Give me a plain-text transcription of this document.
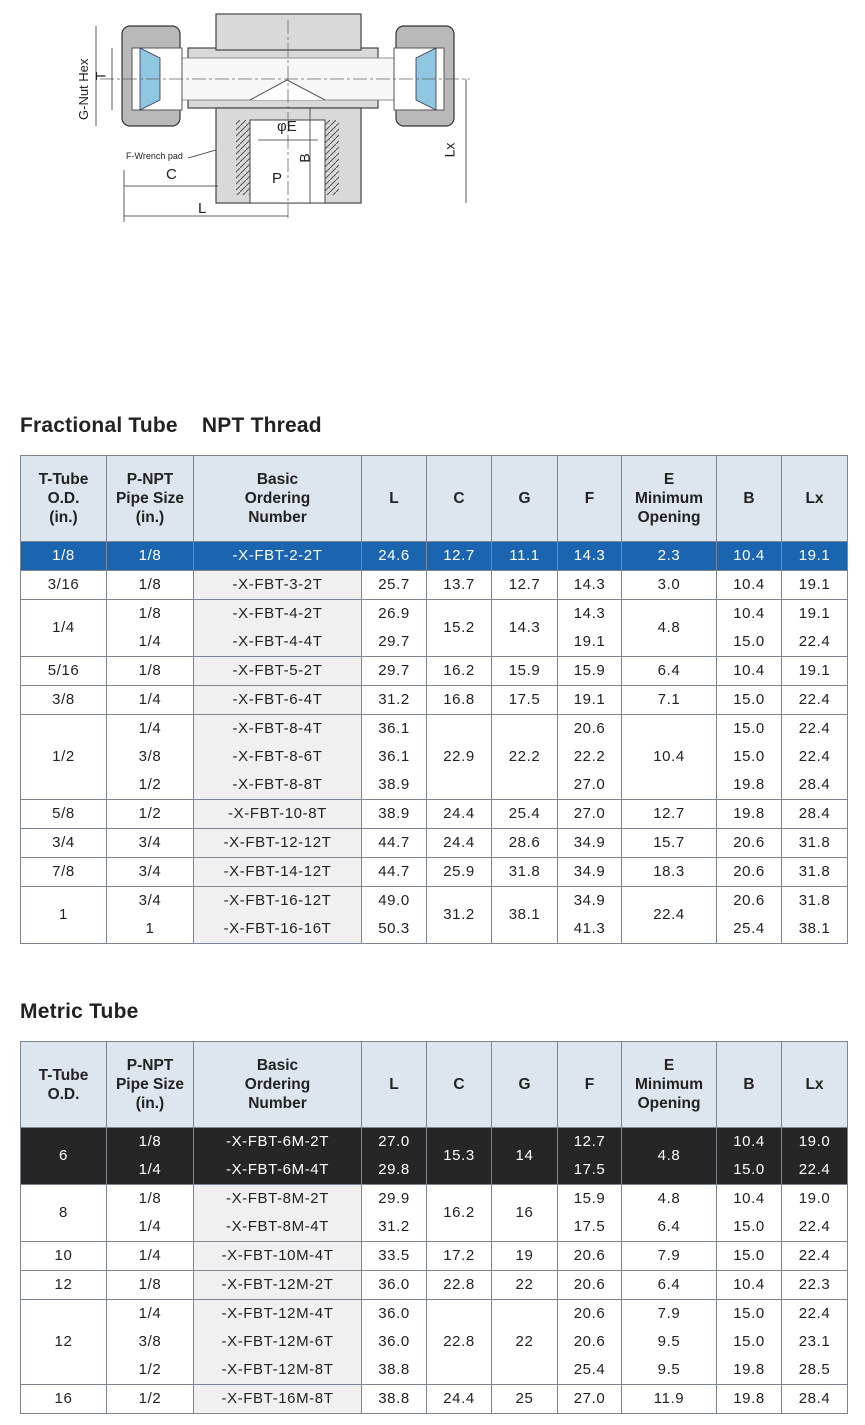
G-Nut Hex T
φE
B
Lx
C	P
L
F-Wrench pad
Fractional Tube    NPT Thread
T-Tube
O.D.
(in.)	P-NPT
Pipe Size
(in.)	Basic
Ordering
Number	L	C	G	F	E
Minimum
Opening	B	Lx
1/8	1/8	-X-FBT-2-2T	24.6	12.7	11.1	14.3	2.3	10.4	19.1
3/16	1/8	-X-FBT-3-2T	25.7	13.7	12.7	14.3	3.0	10.4	19.1
1/4	1/8	-X-FBT-4-2T	26.9	15.2	14.3	14.3	4.8	10.4	19.1
	1/4	-X-FBT-4-4T	29.7			19.1		15.0	22.4
5/16	1/8	-X-FBT-5-2T	29.7	16.2	15.9	15.9	6.4	10.4	19.1
3/8	1/4	-X-FBT-6-4T	31.2	16.8	17.5	19.1	7.1	15.0	22.4
1/2	1/4	-X-FBT-8-4T	36.1	22.9	22.2	20.6	10.4	15.0	22.4
	3/8	-X-FBT-8-6T	36.1			22.2		15.0	22.4
	1/2	-X-FBT-8-8T	38.9			27.0		19.8	28.4
5/8	1/2	-X-FBT-10-8T	38.9	24.4	25.4	27.0	12.7	19.8	28.4
3/4	3/4	-X-FBT-12-12T	44.7	24.4	28.6	34.9	15.7	20.6	31.8
7/8	3/4	-X-FBT-14-12T	44.7	25.9	31.8	34.9	18.3	20.6	31.8
1	3/4	-X-FBT-16-12T	49.0	31.2	38.1	34.9	22.4	20.6	31.8
	1	-X-FBT-16-16T	50.3			41.3		25.4	38.1
Metric Tube
T-Tube
O.D.	P-NPT
Pipe Size
(in.)	Basic
Ordering
Number	L	C	G	F	E
Minimum
Opening	B	Lx
6	1/8	-X-FBT-6M-2T	27.0	15.3	14	12.7	4.8	10.4	19.0
	1/4	-X-FBT-6M-4T	29.8			17.5		15.0	22.4
8	1/8	-X-FBT-8M-2T	29.9	16.2	16	15.9	4.8	10.4	19.0
	1/4	-X-FBT-8M-4T	31.2			17.5	6.4	15.0	22.4
10	1/4	-X-FBT-10M-4T	33.5	17.2	19	20.6	7.9	15.0	22.4
12	1/8	-X-FBT-12M-2T	36.0	22.8	22	20.6	6.4	10.4	22.3
12	1/4	-X-FBT-12M-4T	36.0	22.8	22	20.6	7.9	15.0	22.4
	3/8	-X-FBT-12M-6T	36.0			20.6	9.5	15.0	23.1
	1/2	-X-FBT-12M-8T	38.8			25.4	9.5	19.8	28.5
16	1/2	-X-FBT-16M-8T	38.8	24.4	25	27.0	11.9	19.8	28.4
